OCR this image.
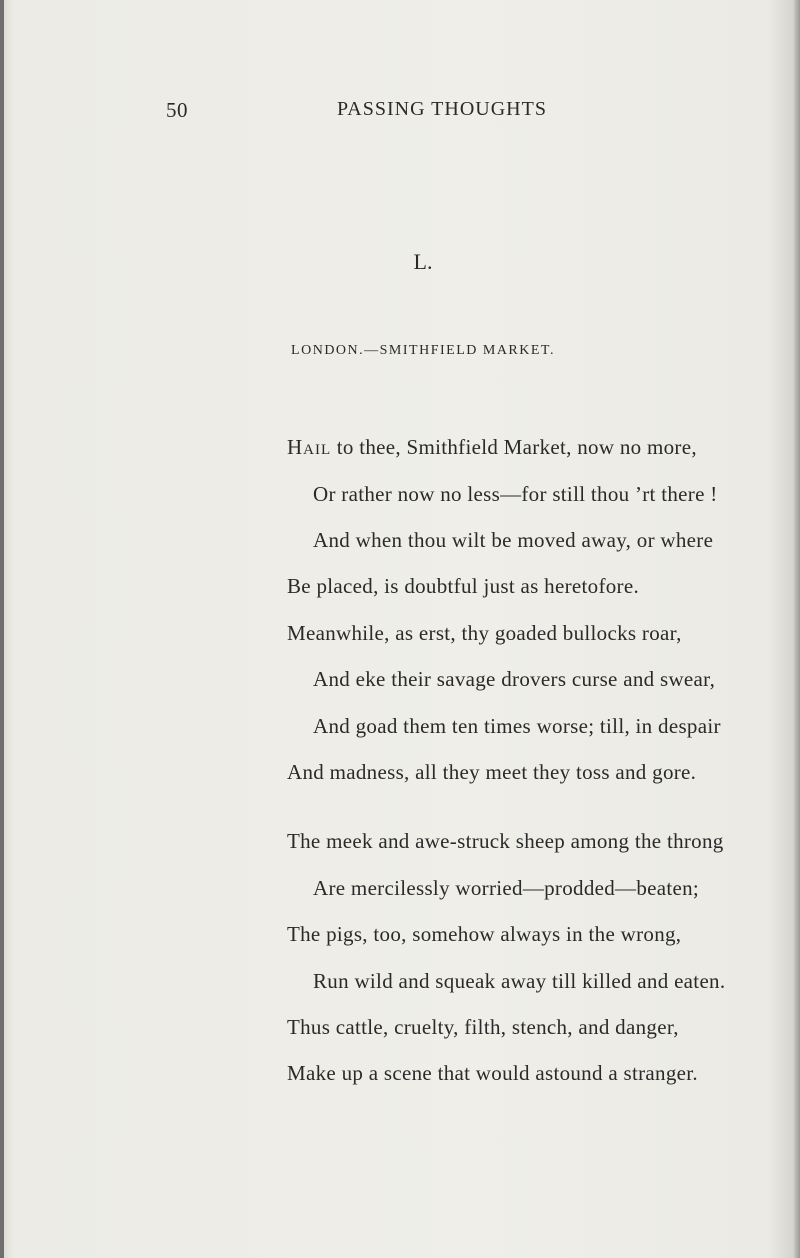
50	PASSING THOUGHTS
L.
LONDON.—SMITHFIELD MARKET.
Hail to thee, Smithfield Market, now no more,
Or rather now no less—for still thou ’rt there !
And when thou wilt be moved away, or where
Be placed, is doubtful just as heretofore.
Meanwhile, as erst, thy goaded bullocks roar,
And eke their savage drovers curse and swear,
And goad them ten times worse; till, in despair
And madness, all they meet they toss and gore.
The meek and awe-struck sheep among the throng
Are mercilessly worried—prodded—beaten;
The pigs, too, somehow always in the wrong,
Run wild and squeak away till killed and eaten.
Thus cattle, cruelty, filth, stench, and danger,
Make up a scene that would astound a stranger.
